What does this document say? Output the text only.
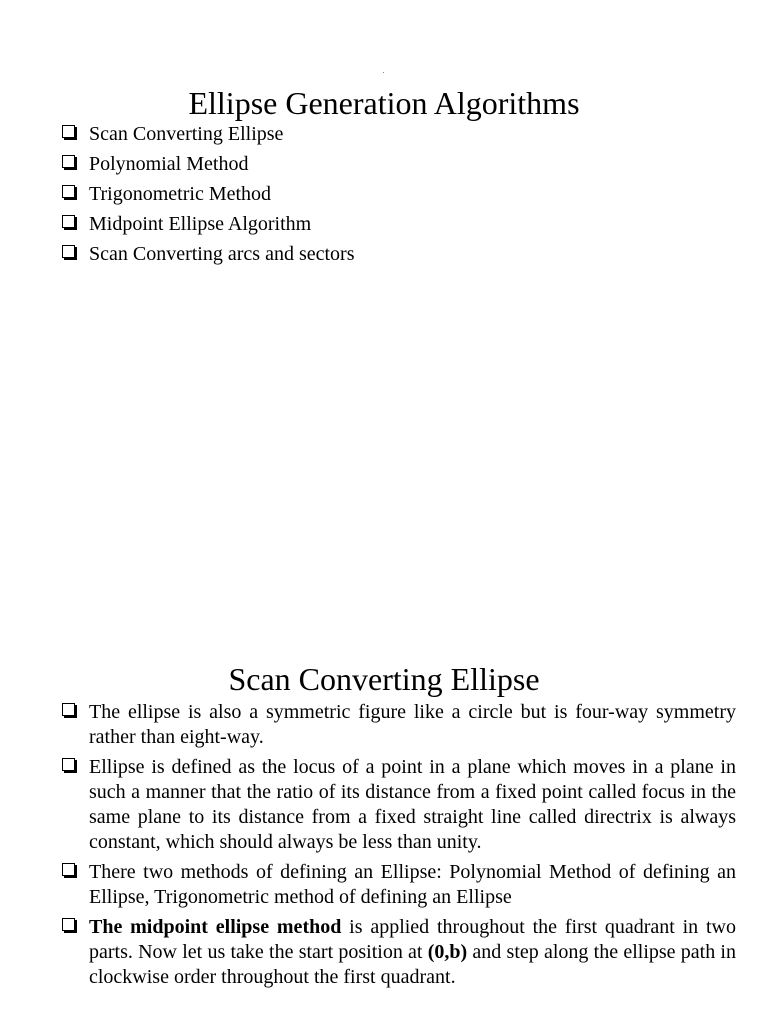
Ellipse Generation Algorithms
Scan Converting Ellipse
Polynomial Method
Trigonometric Method
Midpoint Ellipse Algorithm
Scan Converting arcs and sectors
Scan Converting Ellipse
The ellipse is also a symmetric figure like a circle but is four-way symmetry rather than eight-way.
Ellipse is defined as the locus of a point in a plane which moves in a plane in such a manner that the ratio of its distance from a fixed point called focus in the same plane to its distance from a fixed straight line called directrix is always constant, which should always be less than unity.
There two methods of defining an Ellipse: Polynomial Method of defining an Ellipse, Trigonometric method of defining an Ellipse
The midpoint ellipse method is applied throughout the first quadrant in two parts. Now let us take the start position at (0,b) and step along the ellipse path in clockwise order throughout the first quadrant.
